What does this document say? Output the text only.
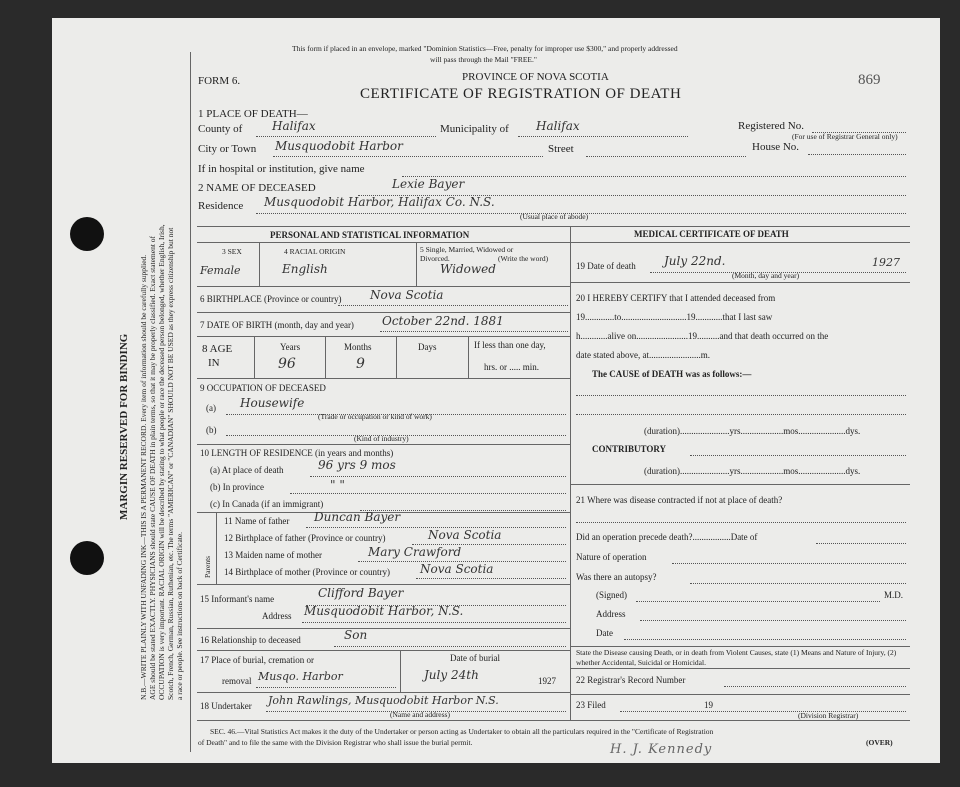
MARGIN RESERVED FOR BINDING N.B.—WRITE PLAINLY WITH UNFADING INK—THIS IS A PERMANENT RECORD. Every item of information should be carefully supplied. AGE should be stated EXACTLY. PHYSICIANS should state CAUSE OF DEATH in plain terms, so that it may be properly classified. Exact statement of OCCUPATION is very important. RACIAL ORIGIN will be described by stating to what people or race the deceased person belonged, whether English, Irish, Scotch, French, German, Russian, Ruthenian, etc. The terms "AMERICAN" or "CANADIAN" SHOULD NOT BE USED as they express citizenship but not a race or people. See instructions on back of Certificate.
This form if placed in an envelope, marked "Dominion Statistics—Free, penalty for improper use $300," and properly addressed
will pass through the Mail "FREE."
FORM 6.	PROVINCE OF NOVA SCOTIA
CERTIFICATE OF REGISTRATION OF DEATH
869
1 PLACE OF DEATH—
County of Halifax	Municipality of Halifax	Registered No.
(For use of Registrar General only)
City or Town Musquodobit Harbor	Street	House No.
If in hospital or institution, give name
2 NAME OF DECEASED	Lexie Bayer
Residence Musquodobit Harbor, Halifax Co. N.S.
(Usual place of abode)
PERSONAL AND STATISTICAL INFORMATION
3 SEX	4 RACIAL ORIGIN	5 Single, Married, Widowed or
Divorced.	(Write the word)
Female	English	Widowed
6 BIRTHPLACE (Province or country) Nova Scotia
7 DATE OF BIRTH (month, day and year) October 22nd. 1881
8 AGE
IN
Years	Months	Days
96	9
If less than one day,
hrs. or ..... min.
9 OCCUPATION OF DECEASED
(a) Housewife
(Trade or occupation or kind of work)
(b)
(Kind of industry)
10 LENGTH OF RESIDENCE (in years and months)
(a) At place of death	96 yrs 9 mos
(b) In province	" "
(c) In Canada (if an immigrant)
Parents
11 Name of father Duncan Bayer
12 Birthplace of father (Province or country)	Nova Scotia
13 Maiden name of mother	Mary Crawford
14 Birthplace of mother (Province or country)	Nova Scotia
15 Informant's name	Clifford Bayer
Address Musquodobit Harbor, N.S.
16 Relationship to deceased	Son
17 Place of burial, cremation or
removal Musqo. Harbor
Date of burial
July 24th	1927
18 Undertaker John Rawlings, Musquodobit Harbor N.S.
(Name and address)
MEDICAL CERTIFICATE OF DEATH
19 Date of death July 22nd.
(Month, day and year)
1927
20 I HEREBY CERTIFY that I attended deceased from
19.............to.............................19............that I last saw
h............alive on.......................19..........and that death occurred on the
date stated above, at.......................m.
The CAUSE of DEATH was as follows:—
(duration)......................yrs...................mos.....................dys.
CONTRIBUTORY
(duration)......................yrs...................mos.....................dys.
21 Where was disease contracted if not at place of death?
Did an operation precede death?.................Date of
Nature of operation
Was there an autopsy?
(Signed)	M.D.
Address
Date
State the Disease causing Death, or in death from Violent Causes, state (1) Means and Nature of Injury, (2) whether Accidental, Suicidal or Homicidal.
22 Registrar's Record Number
23 Filed	19
(Division Registrar)
SEC. 46.—Vital Statistics Act makes it the duty of the Undertaker or person acting as Undertaker to obtain all the particulars required in the "Certificate of Registration
of Death" and to file the same with the Division Registrar who shall issue the burial permit.	(OVER)
H. J. Kennedy
